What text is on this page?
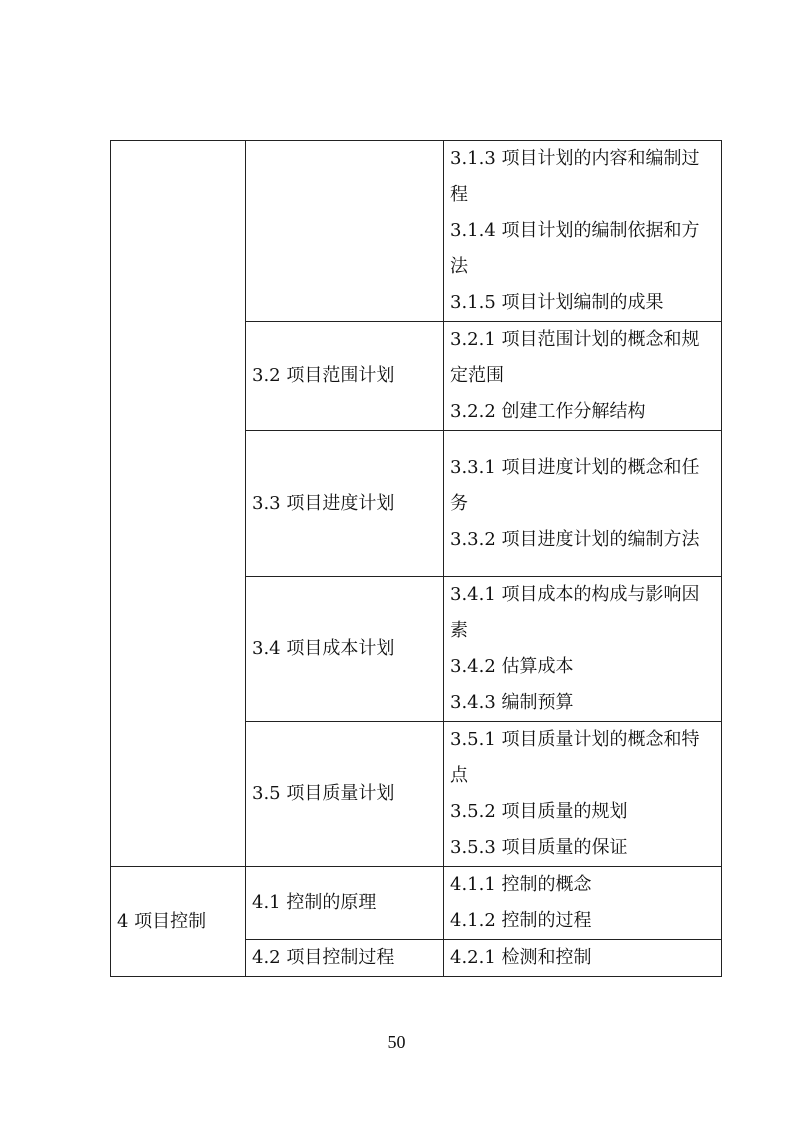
		3.1.3 项目计划的内容和编制过程
3.1.4 项目计划的编制依据和方法
3.1.5 项目计划编制的成果

	3.2 项目范围计划	3.2.1 项目范围计划的概念和规定范围
3.2.2 创建工作分解结构

	3.3 项目进度计划	3.3.1 项目进度计划的概念和任务
3.3.2 项目进度计划的编制方法

	3.4 项目成本计划	3.4.1 项目成本的构成与影响因素
3.4.2 估算成本
3.4.3 编制预算

	3.5 项目质量计划	3.5.1 项目质量计划的概念和特点
3.5.2 项目质量的规划
3.5.3 项目质量的保证

4 项目控制	4.1 控制的原理	4.1.1 控制的概念
4.1.2 控制的过程

	4.2 项目控制过程	4.2.1 检测和控制
50
